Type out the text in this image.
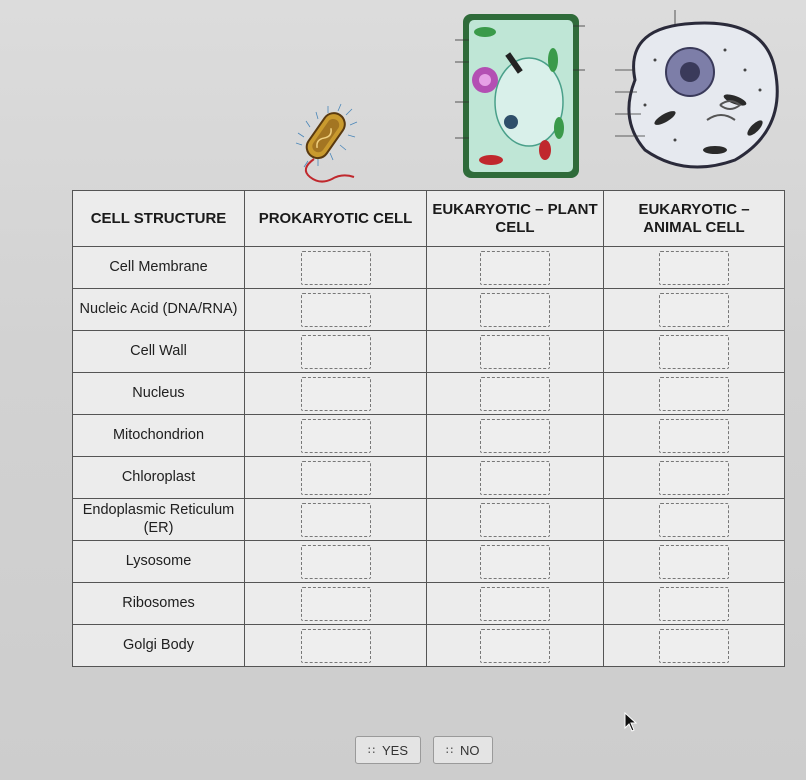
CELL STRUCTURE	PROKARYOTIC CELL	EUKARYOTIC – PLANT CELL	EUKARYOTIC – ANIMAL CELL
Cell Membrane			
Nucleic Acid (DNA/RNA)			
Cell Wall			
Nucleus			
Mitochondrion			
Chloroplast			
Endoplasmic Reticulum (ER)			
Lysosome			
Ribosomes			
Golgi Body			
∷ YES	∷ NO
